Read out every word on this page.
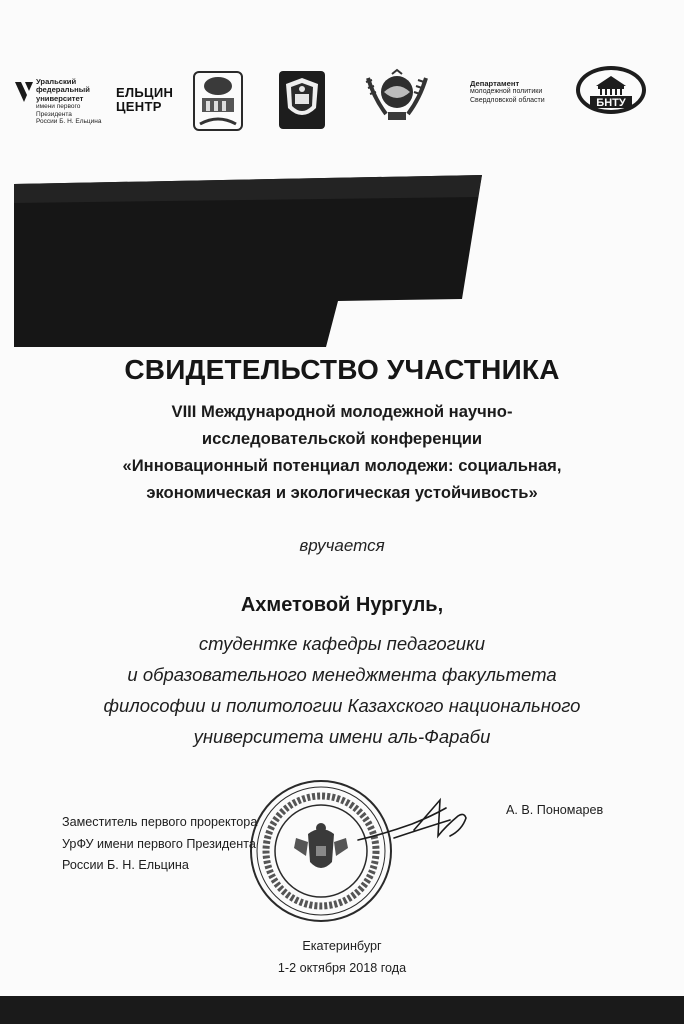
Уральский
федеральный
университет
имени первого Президента
России Б. Н. Ельцина
ЕЛЬЦИН
ЦЕНТР
Департамент
молодежной политики
Свердловской области	БНТУ
СВИДЕТЕЛЬСТВО УЧАСТНИКА
VIII Международной молодежной научно-
исследовательской конференции
«Инновационный потенциал молодежи: социальная,
экономическая и экологическая устойчивость»
вручается
Ахметовой Нургуль,
студентке кафедры педагогики
и образовательного менеджмента факультета
философии и политологии Казахского национального
университета имени аль-Фараби
Заместитель первого проректора
УрФУ имени первого Президента
России Б. Н. Ельцина
А. В. Пономарев
Екатеринбург
1-2 октября 2018 года
